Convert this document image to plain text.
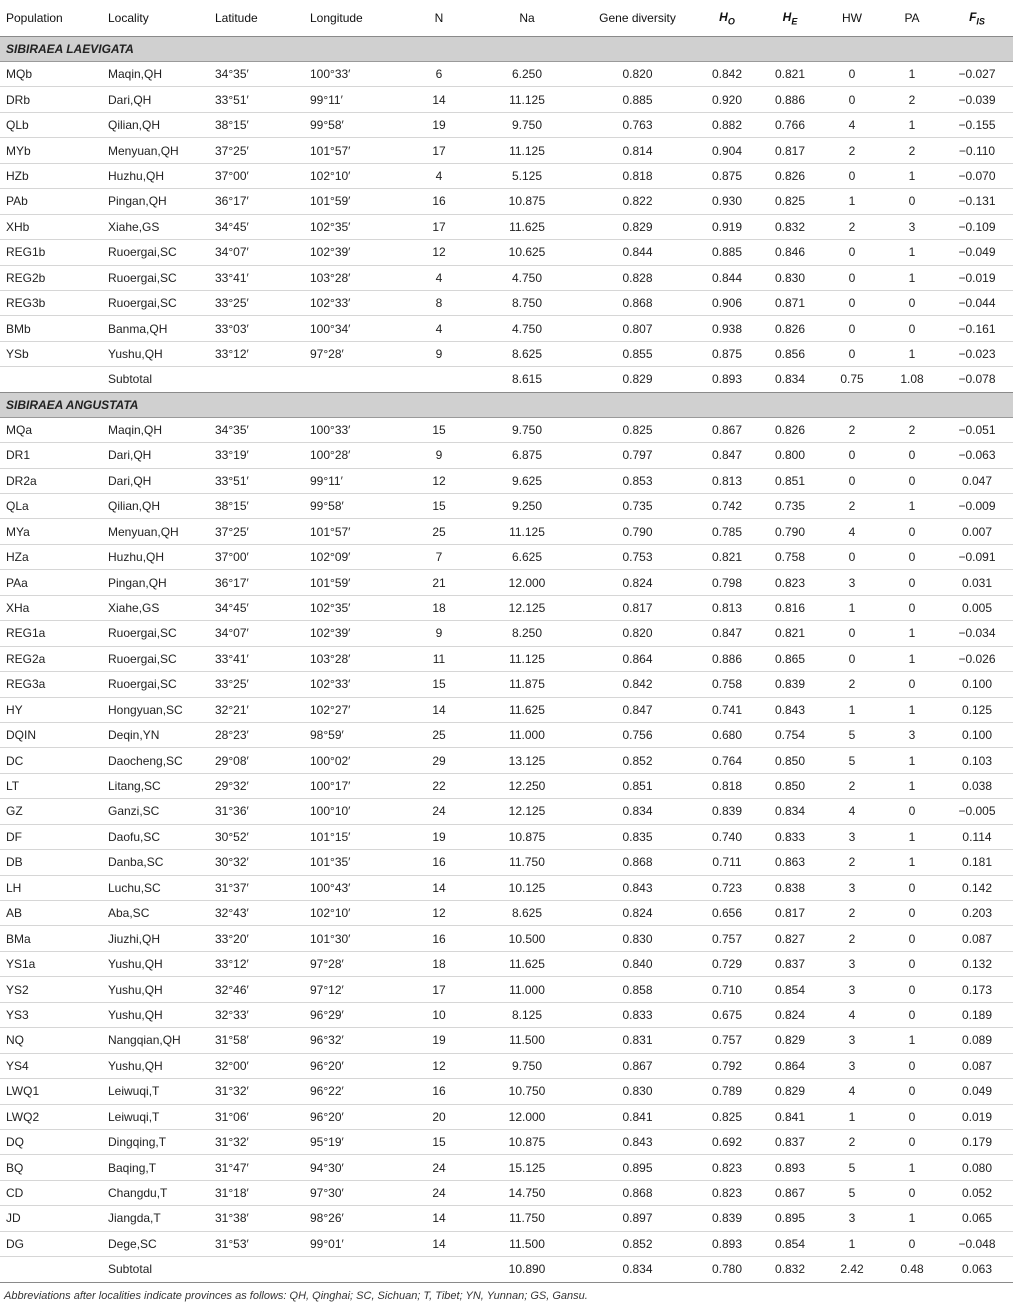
Population	Locality	Latitude	Longitude	N	Na	Gene diversity	$H_O$	$H_E$	HW	PA	$F_{IS}$
SIBIRAEA LAEVIGATA											
MQb	Maqin,QH	34°35′	100°33′	6	6.250	0.820	0.842	0.821	0	1	−0.027
DRb	Dari,QH	33°51′	99°11′	14	11.125	0.885	0.920	0.886	0	2	−0.039
QLb	Qilian,QH	38°15′	99°58′	19	9.750	0.763	0.882	0.766	4	1	−0.155
MYb	Menyuan,QH	37°25′	101°57′	17	11.125	0.814	0.904	0.817	2	2	−0.110
HZb	Huzhu,QH	37°00′	102°10′	4	5.125	0.818	0.875	0.826	0	1	−0.070
PAb	Pingan,QH	36°17′	101°59′	16	10.875	0.822	0.930	0.825	1	0	−0.131
XHb	Xiahe,GS	34°45′	102°35′	17	11.625	0.829	0.919	0.832	2	3	−0.109
REG1b	Ruoergai,SC	34°07′	102°39′	12	10.625	0.844	0.885	0.846	0	1	−0.049
REG2b	Ruoergai,SC	33°41′	103°28′	4	4.750	0.828	0.844	0.830	0	1	−0.019
REG3b	Ruoergai,SC	33°25′	102°33′	8	8.750	0.868	0.906	0.871	0	0	−0.044
BMb	Banma,QH	33°03′	100°34′	4	4.750	0.807	0.938	0.826	0	0	−0.161
YSb	Yushu,QH	33°12′	97°28′	9	8.625	0.855	0.875	0.856	0	1	−0.023
	Subtotal				8.615	0.829	0.893	0.834	0.75	1.08	−0.078
SIBIRAEA ANGUSTATA											
MQa	Maqin,QH	34°35′	100°33′	15	9.750	0.825	0.867	0.826	2	2	−0.051
DR1	Dari,QH	33°19′	100°28′	9	6.875	0.797	0.847	0.800	0	0	−0.063
DR2a	Dari,QH	33°51′	99°11′	12	9.625	0.853	0.813	0.851	0	0	0.047
QLa	Qilian,QH	38°15′	99°58′	15	9.250	0.735	0.742	0.735	2	1	−0.009
MYa	Menyuan,QH	37°25′	101°57′	25	11.125	0.790	0.785	0.790	4	0	0.007
HZa	Huzhu,QH	37°00′	102°09′	7	6.625	0.753	0.821	0.758	0	0	−0.091
PAa	Pingan,QH	36°17′	101°59′	21	12.000	0.824	0.798	0.823	3	0	0.031
XHa	Xiahe,GS	34°45′	102°35′	18	12.125	0.817	0.813	0.816	1	0	0.005
REG1a	Ruoergai,SC	34°07′	102°39′	9	8.250	0.820	0.847	0.821	0	1	−0.034
REG2a	Ruoergai,SC	33°41′	103°28′	11	11.125	0.864	0.886	0.865	0	1	−0.026
REG3a	Ruoergai,SC	33°25′	102°33′	15	11.875	0.842	0.758	0.839	2	0	0.100
HY	Hongyuan,SC	32°21′	102°27′	14	11.625	0.847	0.741	0.843	1	1	0.125
DQIN	Deqin,YN	28°23′	98°59′	25	11.000	0.756	0.680	0.754	5	3	0.100
DC	Daocheng,SC	29°08′	100°02′	29	13.125	0.852	0.764	0.850	5	1	0.103
LT	Litang,SC	29°32′	100°17′	22	12.250	0.851	0.818	0.850	2	1	0.038
GZ	Ganzi,SC	31°36′	100°10′	24	12.125	0.834	0.839	0.834	4	0	−0.005
DF	Daofu,SC	30°52′	101°15′	19	10.875	0.835	0.740	0.833	3	1	0.114
DB	Danba,SC	30°32′	101°35′	16	11.750	0.868	0.711	0.863	2	1	0.181
LH	Luchu,SC	31°37′	100°43′	14	10.125	0.843	0.723	0.838	3	0	0.142
AB	Aba,SC	32°43′	102°10′	12	8.625	0.824	0.656	0.817	2	0	0.203
BMa	Jiuzhi,QH	33°20′	101°30′	16	10.500	0.830	0.757	0.827	2	0	0.087
YS1a	Yushu,QH	33°12′	97°28′	18	11.625	0.840	0.729	0.837	3	0	0.132
YS2	Yushu,QH	32°46′	97°12′	17	11.000	0.858	0.710	0.854	3	0	0.173
YS3	Yushu,QH	32°33′	96°29′	10	8.125	0.833	0.675	0.824	4	0	0.189
NQ	Nangqian,QH	31°58′	96°32′	19	11.500	0.831	0.757	0.829	3	1	0.089
YS4	Yushu,QH	32°00′	96°20′	12	9.750	0.867	0.792	0.864	3	0	0.087
LWQ1	Leiwuqi,T	31°32′	96°22′	16	10.750	0.830	0.789	0.829	4	0	0.049
LWQ2	Leiwuqi,T	31°06′	96°20′	20	12.000	0.841	0.825	0.841	1	0	0.019
DQ	Dingqing,T	31°32′	95°19′	15	10.875	0.843	0.692	0.837	2	0	0.179
BQ	Baqing,T	31°47′	94°30′	24	15.125	0.895	0.823	0.893	5	1	0.080
CD	Changdu,T	31°18′	97°30′	24	14.750	0.868	0.823	0.867	5	0	0.052
JD	Jiangda,T	31°38′	98°26′	14	11.750	0.897	0.839	0.895	3	1	0.065
DG	Dege,SC	31°53′	99°01′	14	11.500	0.852	0.893	0.854	1	0	−0.048
	Subtotal				10.890	0.834	0.780	0.832	2.42	0.48	0.063
Abbreviations after localities indicate provinces as follows: QH, Qinghai; SC, Sichuan; T, Tibet; YN, Yunnan; GS, Gansu.
